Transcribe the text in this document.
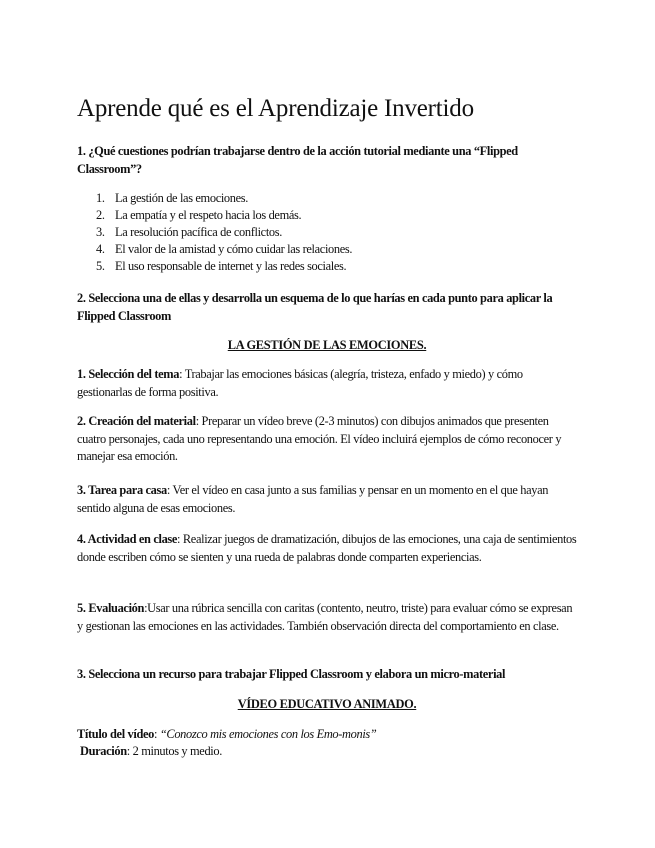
Aprende qué es el Aprendizaje Invertido

1. ¿Qué cuestiones podrían trabajarse dentro de la acción tutorial mediante una “Flipped Classroom”?

1. La gestión de las emociones.
2. La empatía y el respeto hacia los demás.
3. La resolución pacífica de conflictos.
4. El valor de la amistad y cómo cuidar las relaciones.
5. El uso responsable de internet y las redes sociales.

2. Selecciona una de ellas y desarrolla un esquema de lo que harías en cada punto para aplicar la Flipped Classroom

LA GESTIÓN DE LAS EMOCIONES.

1. Selección del tema: Trabajar las emociones básicas (alegría, tristeza, enfado y miedo) y cómo gestionarlas de forma positiva.

2. Creación del material: Preparar un vídeo breve (2-3 minutos) con dibujos animados que presenten cuatro personajes, cada uno representando una emoción. El vídeo incluirá ejemplos de cómo reconocer y manejar esa emoción.

3. Tarea para casa: Ver el vídeo en casa junto a sus familias y pensar en un momento en el que hayan sentido alguna de esas emociones.

4. Actividad en clase: Realizar juegos de dramatización, dibujos de las emociones, una caja de sentimientos donde escriben cómo se sienten y una rueda de palabras donde comparten experiencias.

5. Evaluación:Usar una rúbrica sencilla con caritas (contento, neutro, triste) para evaluar cómo se expresan y gestionan las emociones en las actividades. También observación directa del comportamiento en clase.

3. Selecciona un recurso para trabajar Flipped Classroom y elabora un micro-material

VÍDEO EDUCATIVO ANIMADO.

Título del vídeo: “Conozco mis emociones con los Emo-monis”

Duración: 2 minutos y medio.
